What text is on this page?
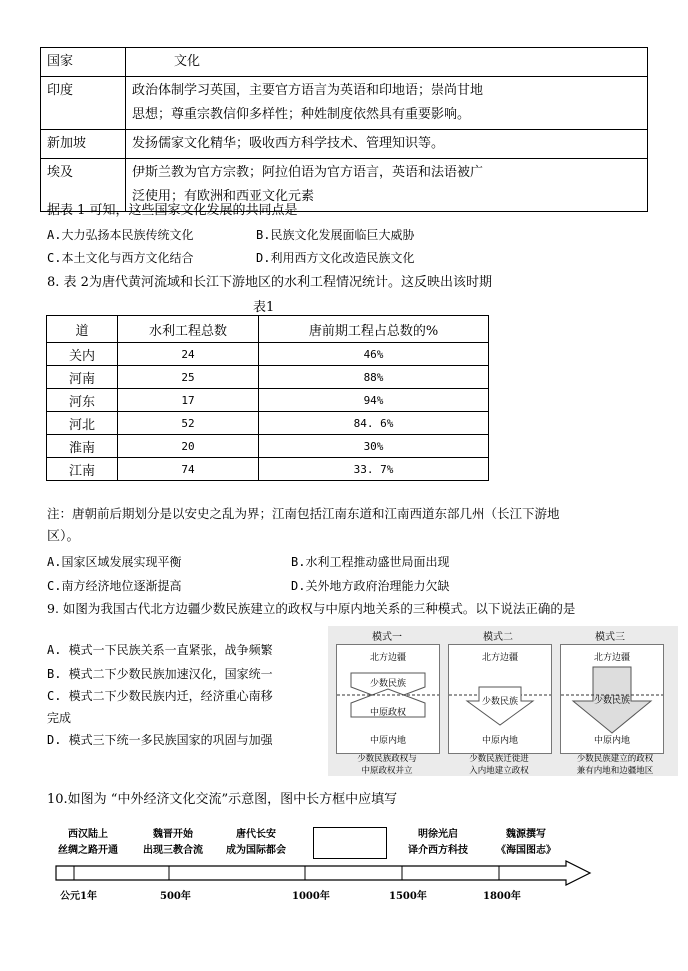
国家	文化
印度	政治体制学习英国，主要官方语言为英语和印地语；崇尚甘地
思想；尊重宗教信仰多样性；种姓制度依然具有重要影响。

新加坡	发扬儒家文化精华；吸收西方科学技术、管理知识等。

埃及	伊斯兰教为官方宗教；阿拉伯语为官方语言，英语和法语被广
泛使用；有欧洲和西亚文化元素
据表 1 可知，这些国家文化发展的共同点是
A.大力弘扬本民族传统文化	B.民族文化发展面临巨大威胁
C.本土文化与西方文化结合	D.利用西方文化改造民族文化
8. 表 2为唐代黄河流域和长江下游地区的水利工程情况统计。这反映出该时期
表1
道	水利工程总数	唐前期工程占总数的%
关内	24	46%
河南	25	88%
河东	17	94%
河北	52	84. 6%
淮南	20	30%
江南	74	33. 7%
注：唐朝前后期划分是以安史之乱为界；江南包括江南东道和江南西道东部几州（长江下游地
区）。
A.国家区域发展实现平衡	B.水利工程推动盛世局面出现
C.南方经济地位逐渐提高	D.关外地方政府治理能力欠缺
9. 如图为我国古代北方边疆少数民族建立的政权与中原内地关系的三种模式。以下说法正确的是
A. 模式一下民族关系一直紧张，战争频繁
B. 模式二下少数民族加速汉化，国家统一
C. 模式二下少数民族内迁，经济重心南移
完成
D. 模式三下统一多民族国家的巩固与加强
模式一
北方边疆
少数民族
中原政权
中原内地
少数民族政权与
中原政权并立
模式二
北方边疆
少数民族
中原内地
少数民族迁徙进
入内地建立政权
模式三
北方边疆
少数民族
中原内地
少数民族建立的政权
兼有内地和边疆地区
10.如图为 “中外经济文化交流”示意图，图中长方框中应填写
西汉陆上
丝绸之路开通
魏晋开始
出现三教合流
唐代长安
成为国际都会
明徐光启
译介西方科技
魏源撰写
《海国图志》
公元1年	500年	1000年	1500年	1800年
